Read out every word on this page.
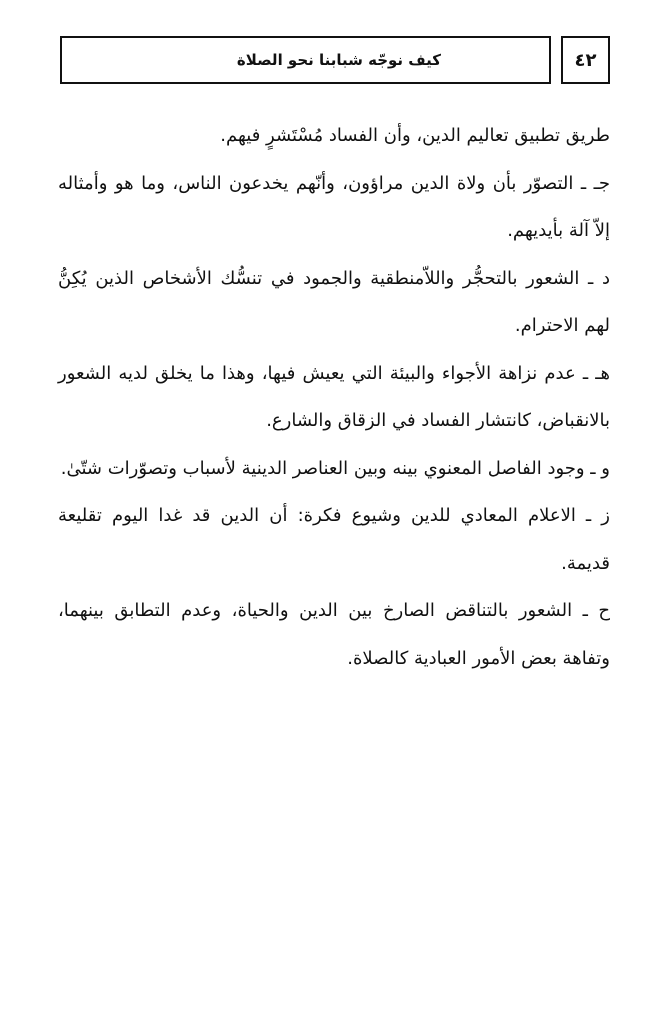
كيف نوجّه شبابنا نحو الصلاة	٤٢

طريق تطبيق تعاليم الدين، وأن الفساد مُسْتَشرٍ فيهم.

جـ ـ التصوّر بأن ولاة الدين مراؤون، وأنّهم يخدعون الناس، وما هو وأمثاله إلاّ آلة بأيديهم.

د ـ الشعور بالتحجُّر واللاّمنطقية والجمود في تنسُّك الأشخاص الذين يُكِنُّ لهم الاحترام.

هـ ـ عدم نزاهة الأجواء والبيئة التي يعيش فيها، وهذا ما يخلق لديه الشعور بالانقباض، كانتشار الفساد في الزقاق والشارع.

و ـ وجود الفاصل المعنوي بينه وبين العناصر الدينية لأسباب وتصوّرات شتّىٰ.

ز ـ الاعلام المعادي للدين وشيوع فكرة: أن الدين قد غدا اليوم تقليعة قديمة.

ح ـ الشعور بالتناقض الصارخ بين الدين والحياة، وعدم التطابق بينهما، وتفاهة بعض الأمور العبادية كالصلاة.
